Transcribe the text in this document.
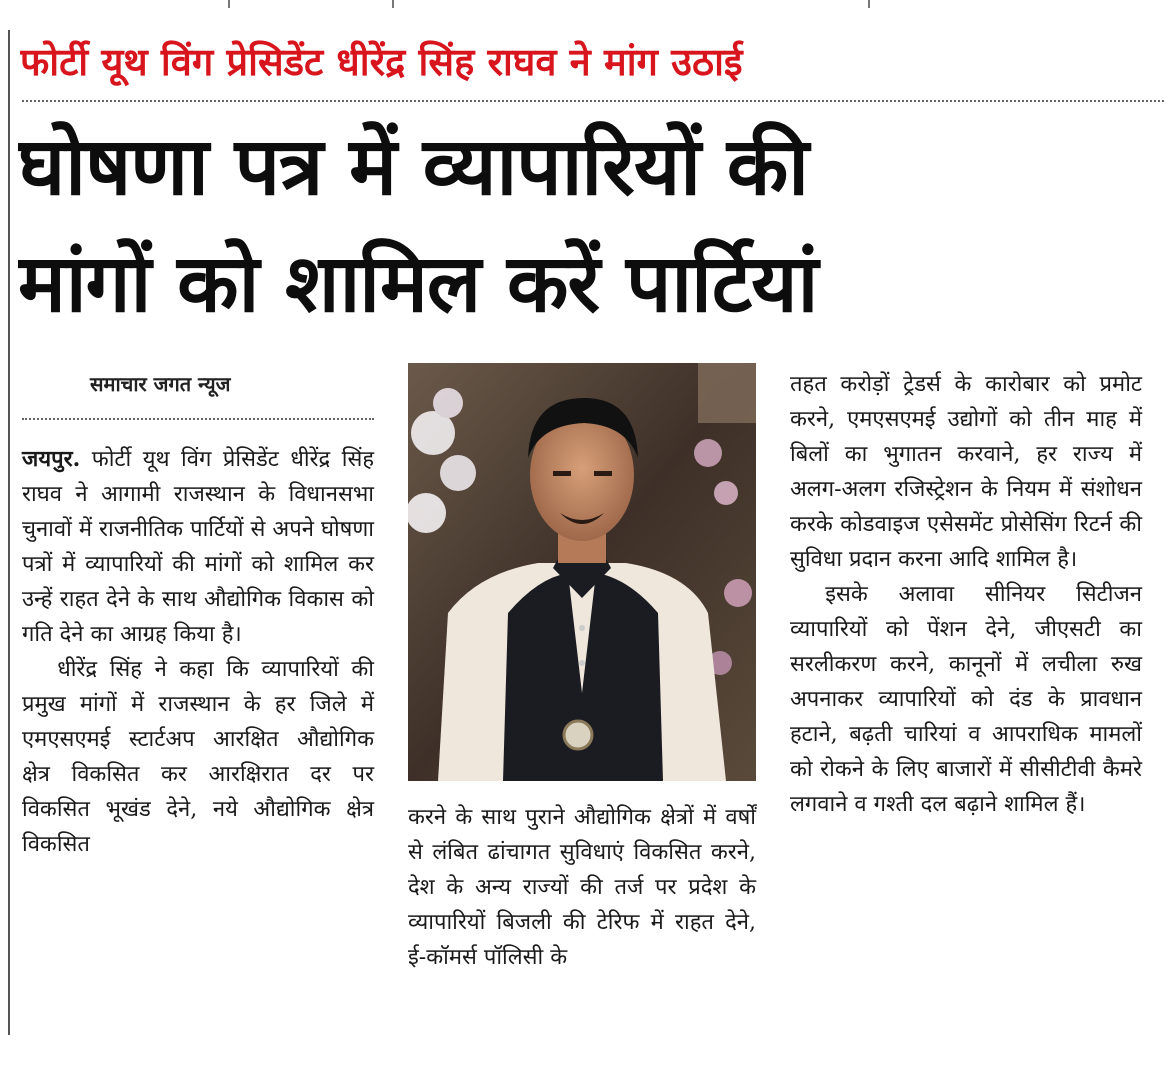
फोर्टी यूथ विंग प्रेसिडेंट धीरेंद्र सिंह राघव ने मांग उठाई
घोषणा पत्र में व्यापारियों की
मांगों को शामिल करें पार्टियां
समाचार जगत न्यूज

जयपुर. फोर्टी यूथ विंग प्रेसिडेंट धीरेंद्र सिंह राघव ने आगामी राजस्थान के विधानसभा चुनावों में राजनीतिक पार्टियों से अपने घोषणा पत्रों में व्यापारियों की मांगों को शामिल कर उन्हें राहत देने के साथ औद्योगिक विकास को गति देने का आग्रह किया है।

धीरेंद्र सिंह ने कहा कि व्यापारियों की प्रमुख मांगों में राजस्थान के हर जिले में एमएसएमई स्टार्टअप आरक्षित औद्योगिक क्षेत्र विकसित कर आरक्षिरात दर पर विकसित भूखंड देने, नये औद्योगिक क्षेत्र विकसित

करने के साथ पुराने औद्योगिक क्षेत्रों में वर्षों से लंबित ढांचागत सुविधाएं विकसित करने, देश के अन्य राज्यों की तर्ज पर प्रदेश के व्यापारियों बिजली की टेरिफ में राहत देने, ई-कॉमर्स पॉलिसी के

तहत करोड़ों ट्रेडर्स के कारोबार को प्रमोट करने, एमएसएमई उद्योगों को तीन माह में बिलों का भुगातन करवाने, हर राज्य में अलग-अलग रजिस्ट्रेशन के नियम में संशोधन करके कोडवाइज एसेसमेंट प्रोसेसिंग रिटर्न की सुविधा प्रदान करना आदि शामिल है।

इसके अलावा सीनियर सिटीजन व्यापारियों को पेंशन देने, जीएसटी का सरलीकरण करने, कानूनों में लचीला रुख अपनाकर व्यापारियों को दंड के प्रावधान हटाने, बढ़ती चारियां व आपराधिक मामलों को रोकने के लिए बाजारों में सीसीटीवी कैमरे लगवाने व गश्ती दल बढ़ाने शामिल हैं।
